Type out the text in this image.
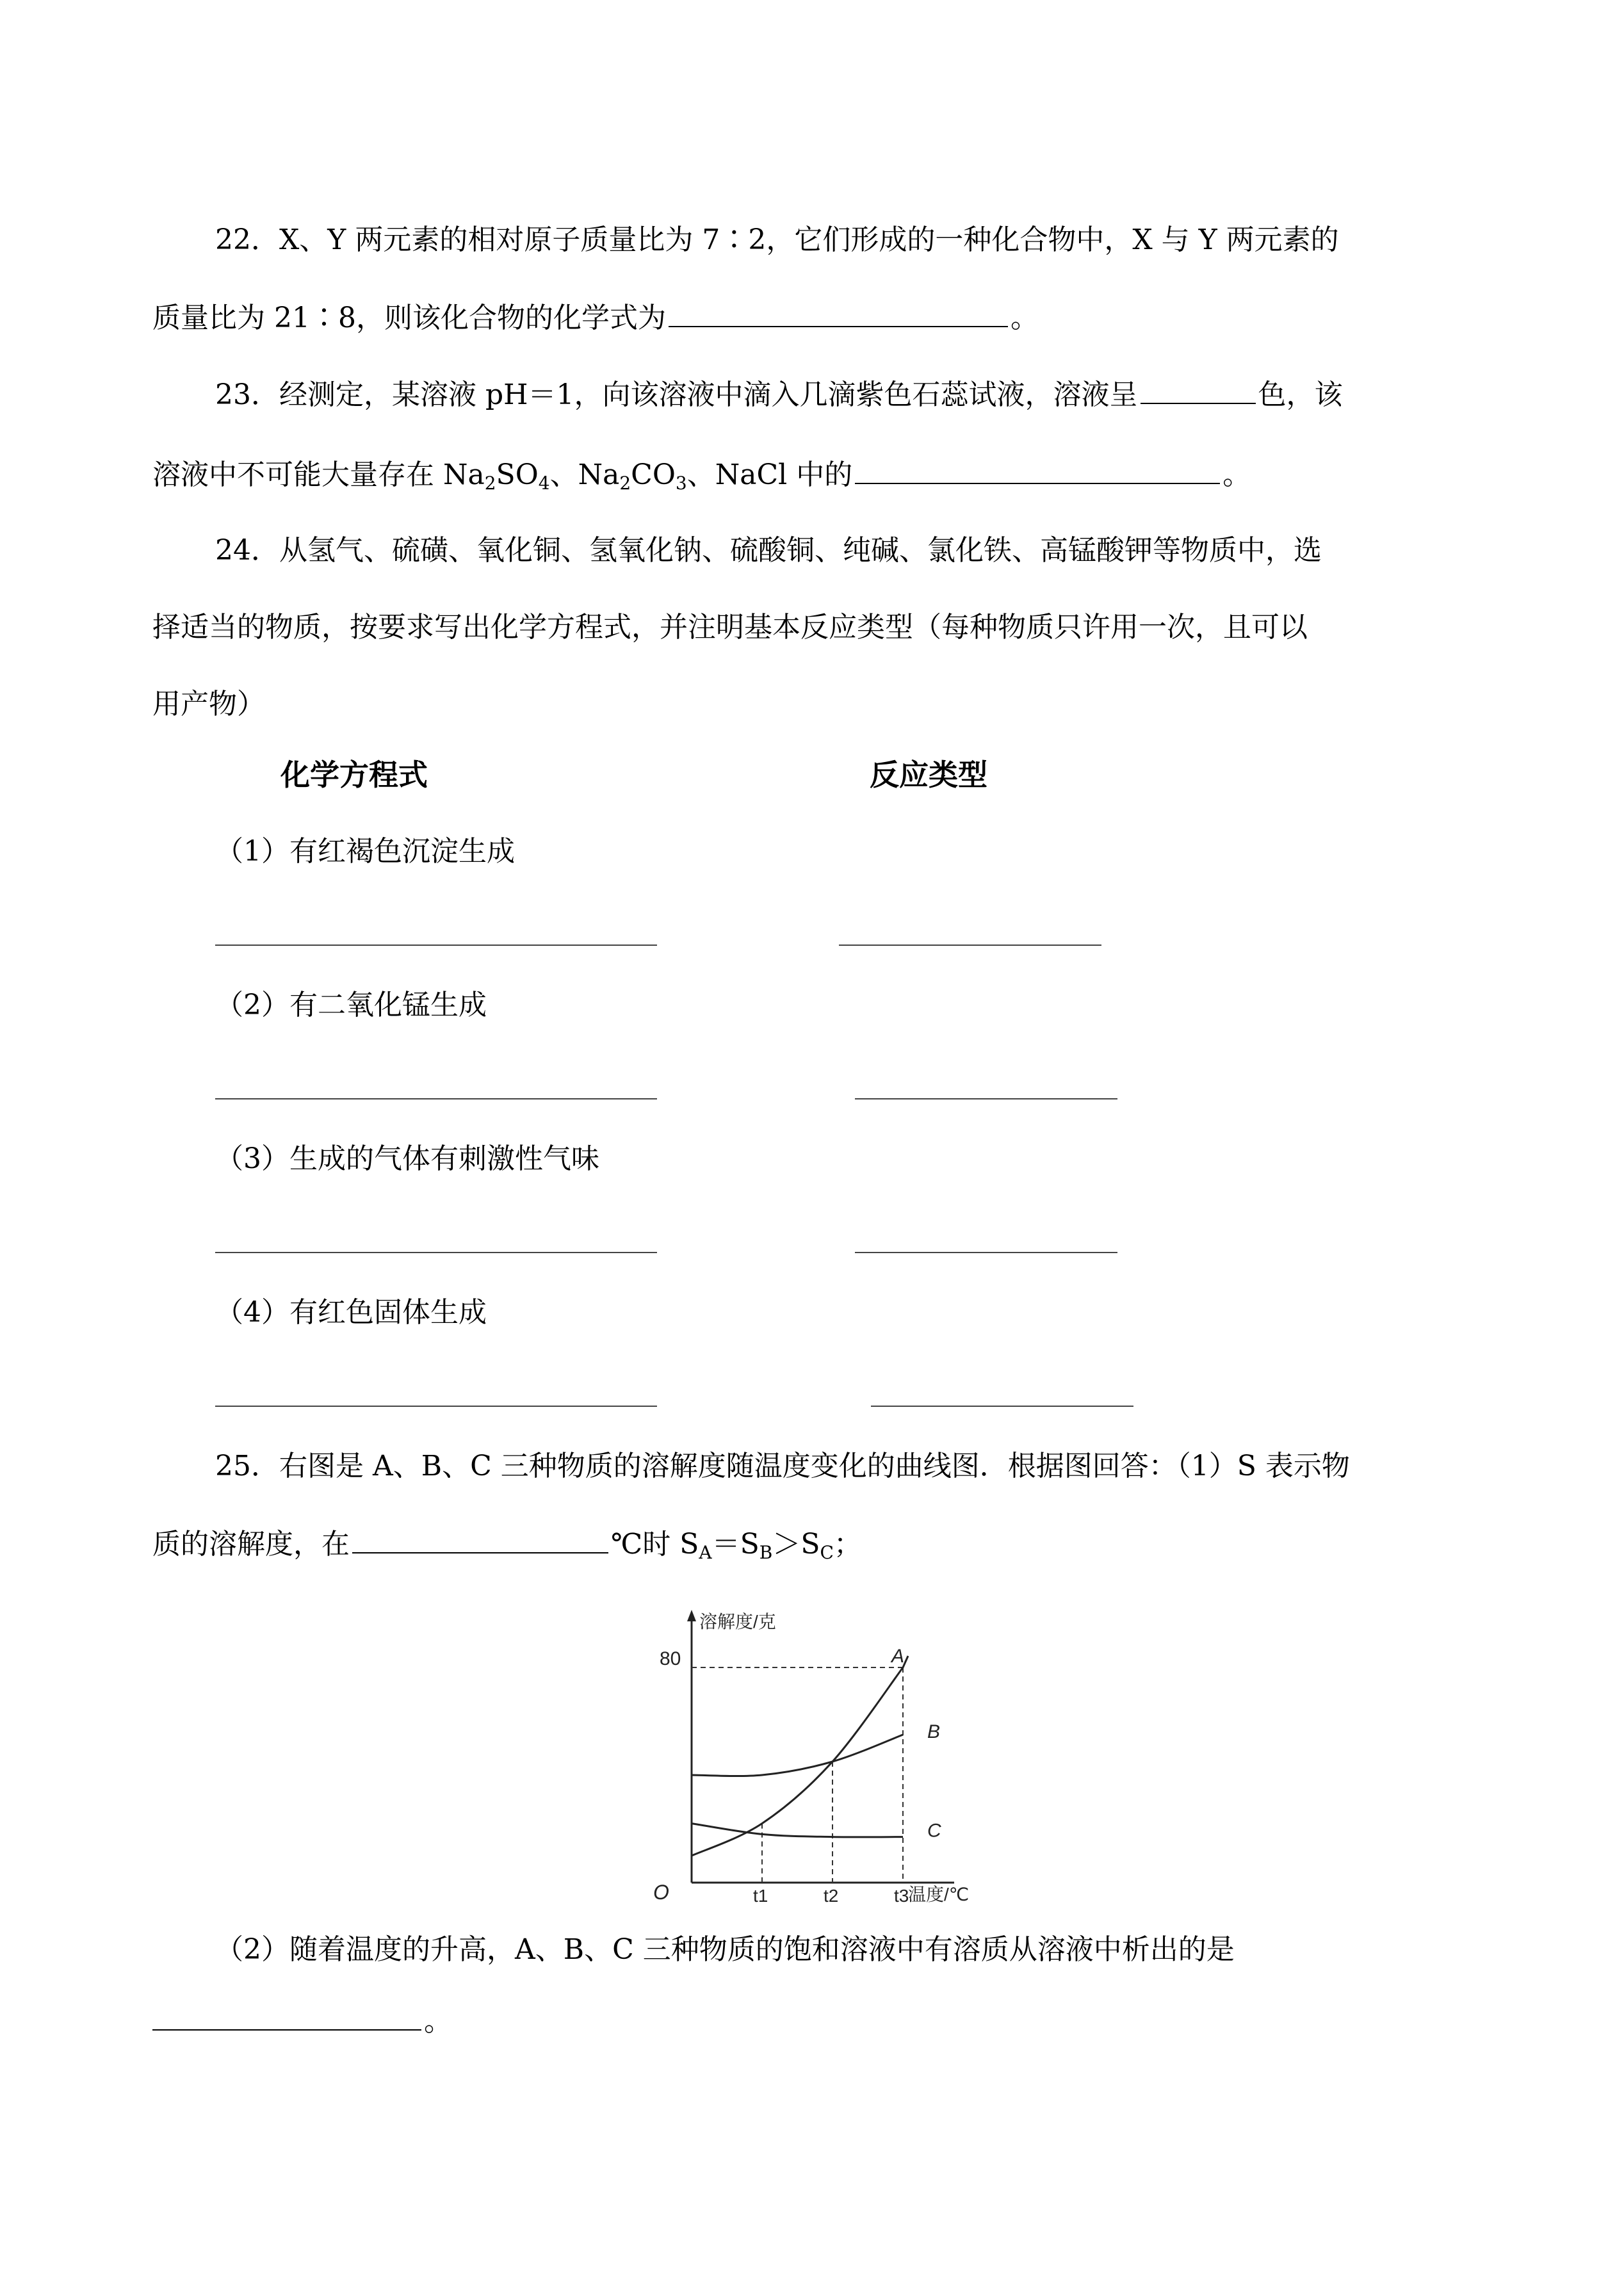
22．X、Y 两元素的相对原子质量比为 7∶2，它们形成的一种化合物中，X 与 Y 两元素的
质量比为 21∶8，则该化合物的化学式为	。
23．经测定，某溶液 pH＝1，向该溶液中滴入几滴紫色石蕊试液，溶液呈	色，该
溶液中不可能大量存在 $Na_2SO_4$、$Na_2CO_3$、NaCl 中的	。
24．从氢气、硫磺、氧化铜、氢氧化钠、硫酸铜、纯碱、氯化铁、高锰酸钾等物质中，选
择适当的物质，按要求写出化学方程式，并注明基本反应类型（每种物质只许用一次，且可以
用产物）
化学方程式	反应类型
（1）有红褐色沉淀生成
（2）有二氧化锰生成
（3）生成的气体有刺激性气味
（4）有红色固体生成
25．右图是 A、B、C 三种物质的溶解度随温度变化的曲线图．根据图回答：（1）S 表示物
质的溶解度，在	℃时 $S_A=S_B>S_C$；
溶解度/克
80
O	温度/℃
t1	t2	t3
A
B
C
（2）随着温度的升高，A、B、C 三种物质的饱和溶液中有溶质从溶液中析出的是
。
